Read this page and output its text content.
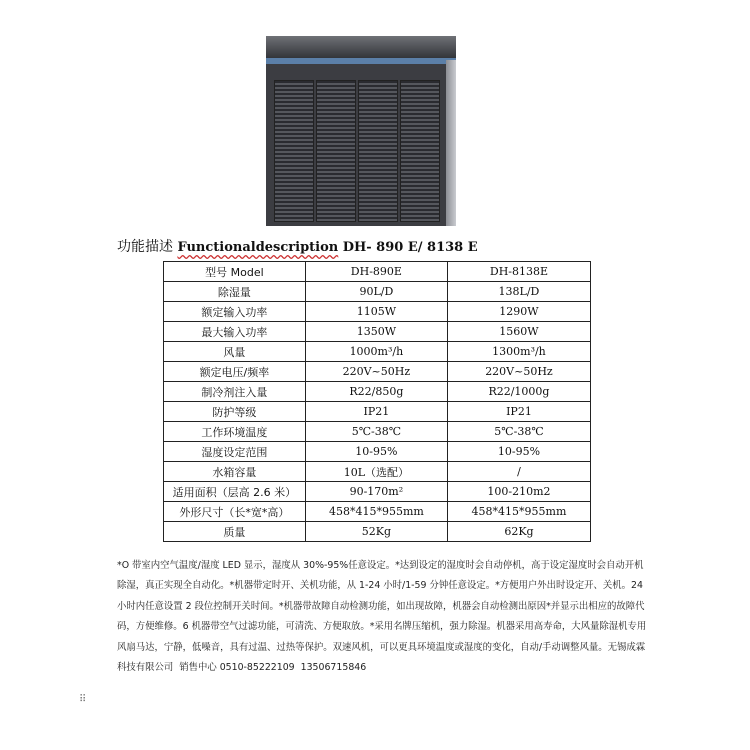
功能描述 Functionaldescription DH- 890 E/ 8138 E
型号 Model	DH-890E	DH-8138E
除湿量	90L/D	138L/D
额定输入功率	1105W	1290W
最大输入功率	1350W	1560W
风量	1000m³/h	1300m³/h
额定电压/频率	220V~50Hz	220V~50Hz
制冷剂注入量	R22/850g	R22/1000g
防护等级	IP21	IP21
工作环境温度	5℃-38℃	5℃-38℃
湿度设定范围	10-95%	10-95%
水箱容量	10L（选配）	/
适用面积（层高 2.6 米）	90-170m²	100-210m2
外形尺寸（长*宽*高）	458*415*955mm	458*415*955mm
质量	52Kg	62Kg
*O 带室内空气温度/湿度 LED 显示，湿度从 30%-95%任意设定。*达到设定的湿度时会自动停机，高于设定湿度时会自动开机除湿，真正实现全自动化。*机器带定时开、关机功能，从 1-24 小时/1-59 分钟任意设定。*方便用户外出时设定开、关机。24 小时内任意设置 2 段位控制开关时间。*机器带故障自动检测功能，如出现故障，机器会自动检测出原因*并显示出相应的故障代码，方便维修。6 机器带空气过滤功能，可清洗、方便取放。*采用名牌压缩机，强力除湿。机器采用高寿命，大风量除湿机专用风扇马达，宁静，低噪音，具有过温、过热等保护。双速风机，可以更具环境温度或湿度的变化，自动/手动调整风量。无锡成霖科技有限公司  销售中心 0510-85222109  13506715846
⠿
